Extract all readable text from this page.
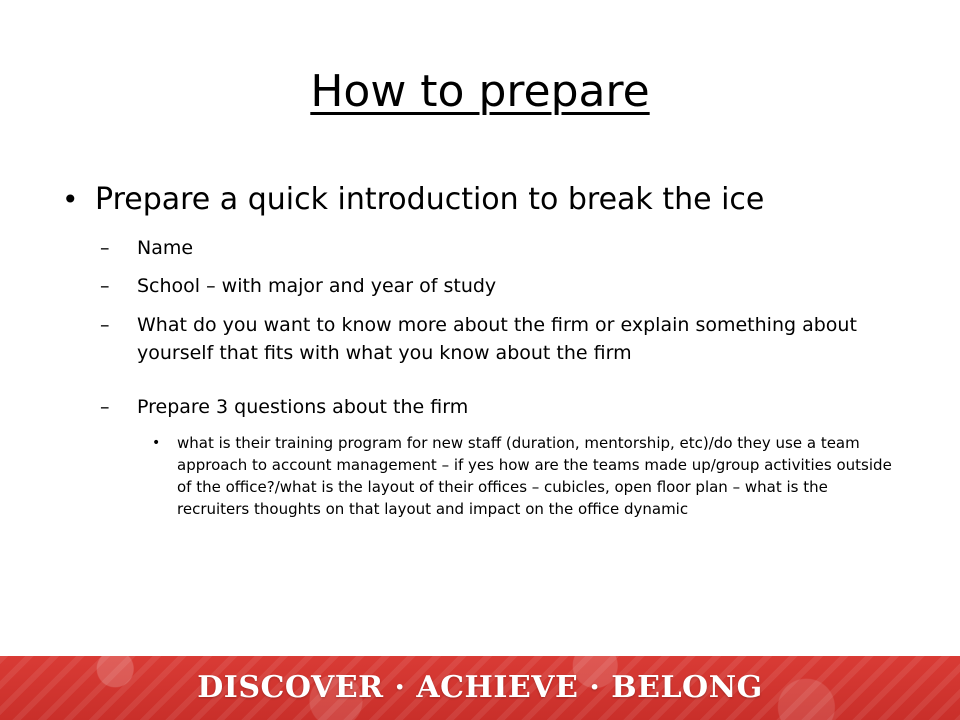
How to prepare
• Prepare a quick introduction to break the ice
– Name
– School – with major and year of study
– What do you want to know more about the firm or explain something about yourself that fits with what you know about the firm
– Prepare 3 questions about the firm
• what is their training program for new staff (duration, mentorship, etc)/do they use a team approach to account management – if yes how are the teams made up/group activities outside of the office?/what is the layout of their offices – cubicles, open floor plan – what is the recruiters thoughts on that layout and impact on the office dynamic
DISCOVER · ACHIEVE · BELONG
